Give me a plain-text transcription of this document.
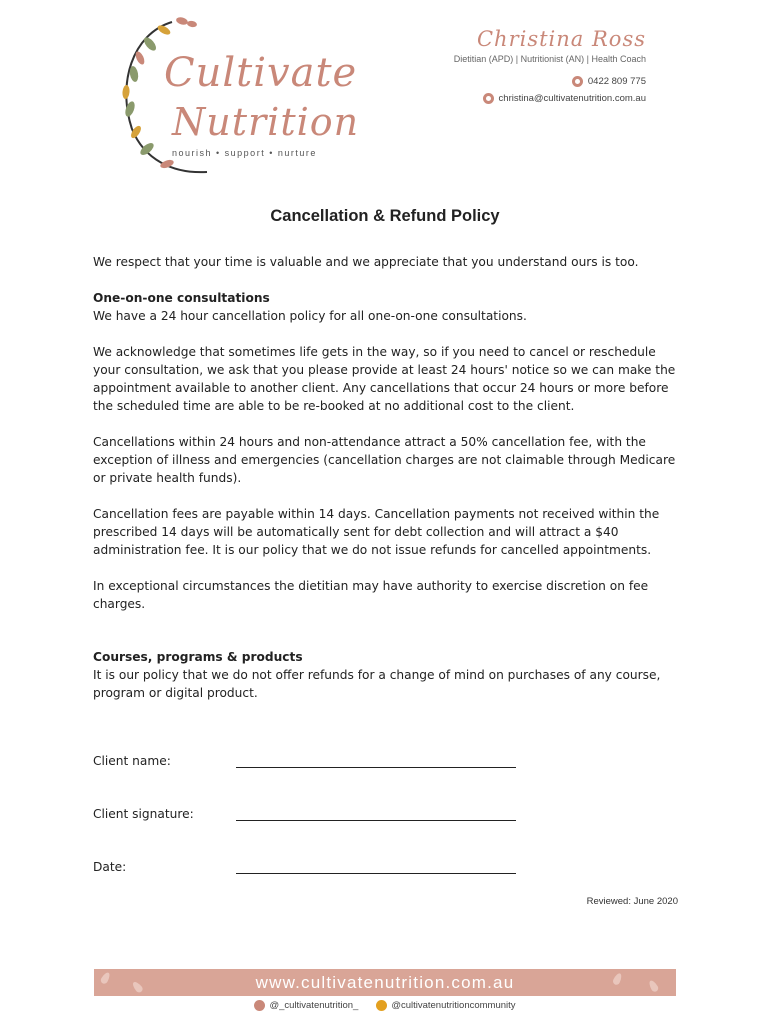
Cultivate
Nutrition
nourish • support • nurture
Christina Ross
Dietitian (APD) | Nutritionist (AN) | Health Coach
0422 809 775
christina@cultivatenutrition.com.au
Cancellation & Refund Policy

We respect that your time is valuable and we appreciate that you understand ours is too.

One-on-one consultations

We have a 24 hour cancellation policy for all one-on-one consultations.

We acknowledge that sometimes life gets in the way, so if you need to cancel or reschedule your consultation, we ask that you please provide at least 24 hours' notice so we can make the appointment available to another client. Any cancellations that occur 24 hours or more before the scheduled time are able to be re-booked at no additional cost to the client.

Cancellations within 24 hours and non-attendance attract a 50% cancellation fee, with the exception of illness and emergencies (cancellation charges are not claimable through Medicare or private health funds).

Cancellation fees are payable within 14 days. Cancellation payments not received within the prescribed 14 days will be automatically sent for debt collection and will attract a $40 administration fee. It is our policy that we do not issue refunds for cancelled appointments.

In exceptional circumstances the dietitian may have authority to exercise discretion on fee charges.

Courses, programs & products

It is our policy that we do not offer refunds for a change of mind on purchases of any course, program or digital product.

Client name:
Client signature:
Date:
Reviewed: June 2020
www.cultivatenutrition.com.au
@_cultivatenutrition_	@cultivatenutritioncommunity
